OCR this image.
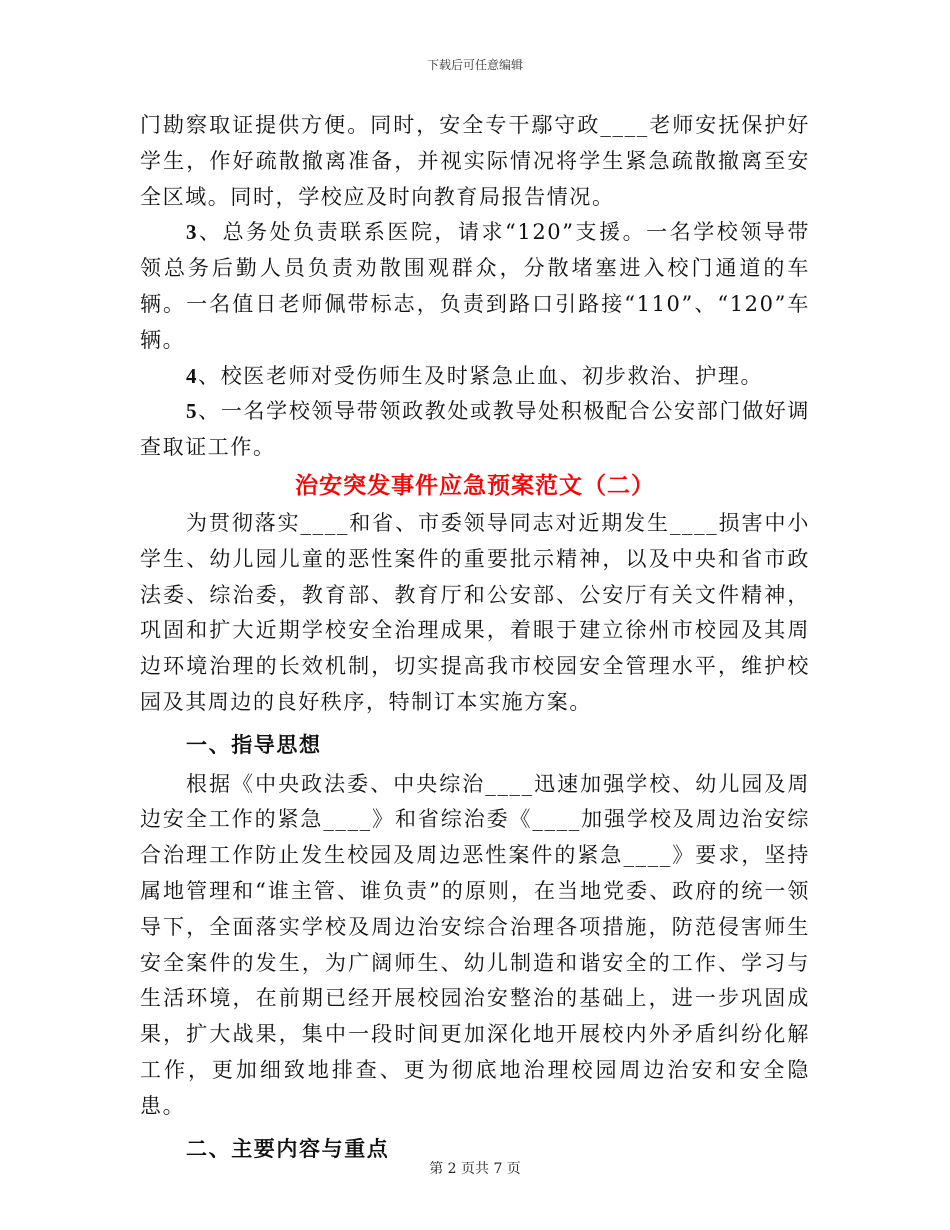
下载后可任意编辑

门勘察取证提供方便。同时，安全专干鄢守政____老师安抚保护好学生，作好疏散撤离准备，并视实际情况将学生紧急疏散撤离至安全区域。同时，学校应及时向教育局报告情况。

3、总务处负责联系医院，请求“120”支援。一名学校领导带领总务后勤人员负责劝散围观群众，分散堵塞进入校门通道的车辆。一名值日老师佩带标志，负责到路口引路接“110”、“120”车辆。

4、校医老师对受伤师生及时紧急止血、初步救治、护理。

5、一名学校领导带领政教处或教导处积极配合公安部门做好调查取证工作。

治安突发事件应急预案范文（二）

为贯彻落实____和省、市委领导同志对近期发生____损害中小学生、幼儿园儿童的恶性案件的重要批示精神，以及中央和省市政法委、综治委，教育部、教育厅和公安部、公安厅有关文件精神，巩固和扩大近期学校安全治理成果，着眼于建立徐州市校园及其周边环境治理的长效机制，切实提高我市校园安全管理水平，维护校园及其周边的良好秩序，特制订本实施方案。

一、指导思想

根据《中央政法委、中央综治____迅速加强学校、幼儿园及周边安全工作的紧急____》和省综治委《____加强学校及周边治安综合治理工作防止发生校园及周边恶性案件的紧急____》要求，坚持属地管理和“谁主管、谁负责”的原则，在当地党委、政府的统一领导下，全面落实学校及周边治安综合治理各项措施，防范侵害师生安全案件的发生，为广阔师生、幼儿制造和谐安全的工作、学习与生活环境，在前期已经开展校园治安整治的基础上，进一步巩固成果，扩大战果，集中一段时间更加深化地开展校内外矛盾纠纷化解工作，更加细致地排查、更为彻底地治理校园周边治安和安全隐患。

二、主要内容与重点

第 2 页共 7 页
